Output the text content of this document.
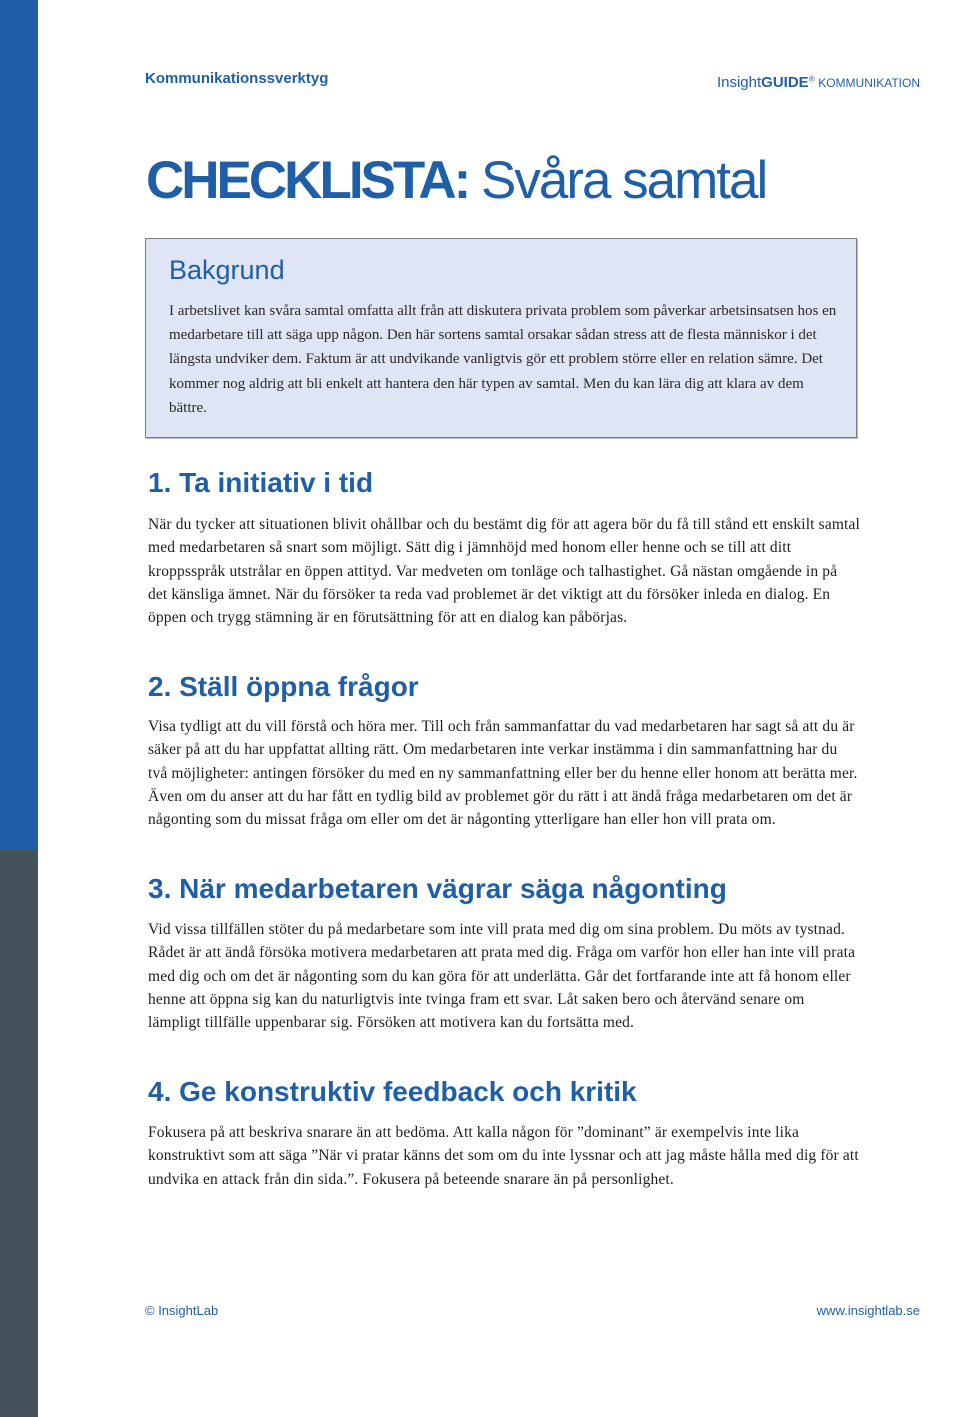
Kommunikationssverktyg	InsightGUIDE® KOMMUNIKATION
CHECKLISTA: Svåra samtal
Bakgrund

I arbetslivet kan svåra samtal omfatta allt från att diskutera privata problem som påverkar arbetsinsatsen hos en medarbetare till att säga upp någon. Den här sortens samtal orsakar sådan stress att de flesta människor i det längsta undviker dem. Faktum är att undvikande vanligtvis gör ett problem större eller en relation sämre. Det kommer nog aldrig att bli enkelt att hantera den här typen av samtal. Men du kan lära dig att klara av dem bättre.

1. Ta initiativ i tid

När du tycker att situationen blivit ohållbar och du bestämt dig för att agera bör du få till stånd ett enskilt samtal med medarbetaren så snart som möjligt. Sätt dig i jämnhöjd med honom eller henne och se till att ditt kroppsspråk utstrålar en öppen attityd. Var medveten om tonläge och talhastighet. Gå nästan omgående in på det känsliga ämnet. När du försöker ta reda vad problemet är det viktigt att du försöker inleda en dialog. En öppen och trygg stämning är en förutsättning för att en dialog kan påbörjas.

2. Ställ öppna frågor

Visa tydligt att du vill förstå och höra mer. Till och från sammanfattar du vad medarbetaren har sagt så att du är säker på att du har uppfattat allting rätt. Om medarbetaren inte verkar instämma i din sammanfattning har du två möjligheter: antingen försöker du med en ny sammanfattning eller ber du henne eller honom att berätta mer. Även om du anser att du har fått en tydlig bild av problemet gör du rätt i att ändå fråga medarbetaren om det är någonting som du missat fråga om eller om det är någonting ytterligare han eller hon vill prata om.

3. När medarbetaren vägrar säga någonting

Vid vissa tillfällen stöter du på medarbetare som inte vill prata med dig om sina problem. Du möts av tystnad. Rådet är att ändå försöka motivera medarbetaren att prata med dig. Fråga om varför hon eller han inte vill prata med dig och om det är någonting som du kan göra för att underlätta. Går det fortfarande inte att få honom eller henne att öppna sig kan du naturligtvis inte tvinga fram ett svar. Låt saken bero och återvänd senare om lämpligt tillfälle uppenbarar sig. Försöken att motivera kan du fortsätta med.

4. Ge konstruktiv feedback och kritik

Fokusera på att beskriva snarare än att bedöma. Att kalla någon för ”dominant” är exempelvis inte lika konstruktivt som att säga ”När vi pratar känns det som om du inte lyssnar och att jag måste hålla med dig för att undvika en attack från din sida.”. Fokusera på beteende snarare än på personlighet.

© InsightLab	www.insightlab.se
